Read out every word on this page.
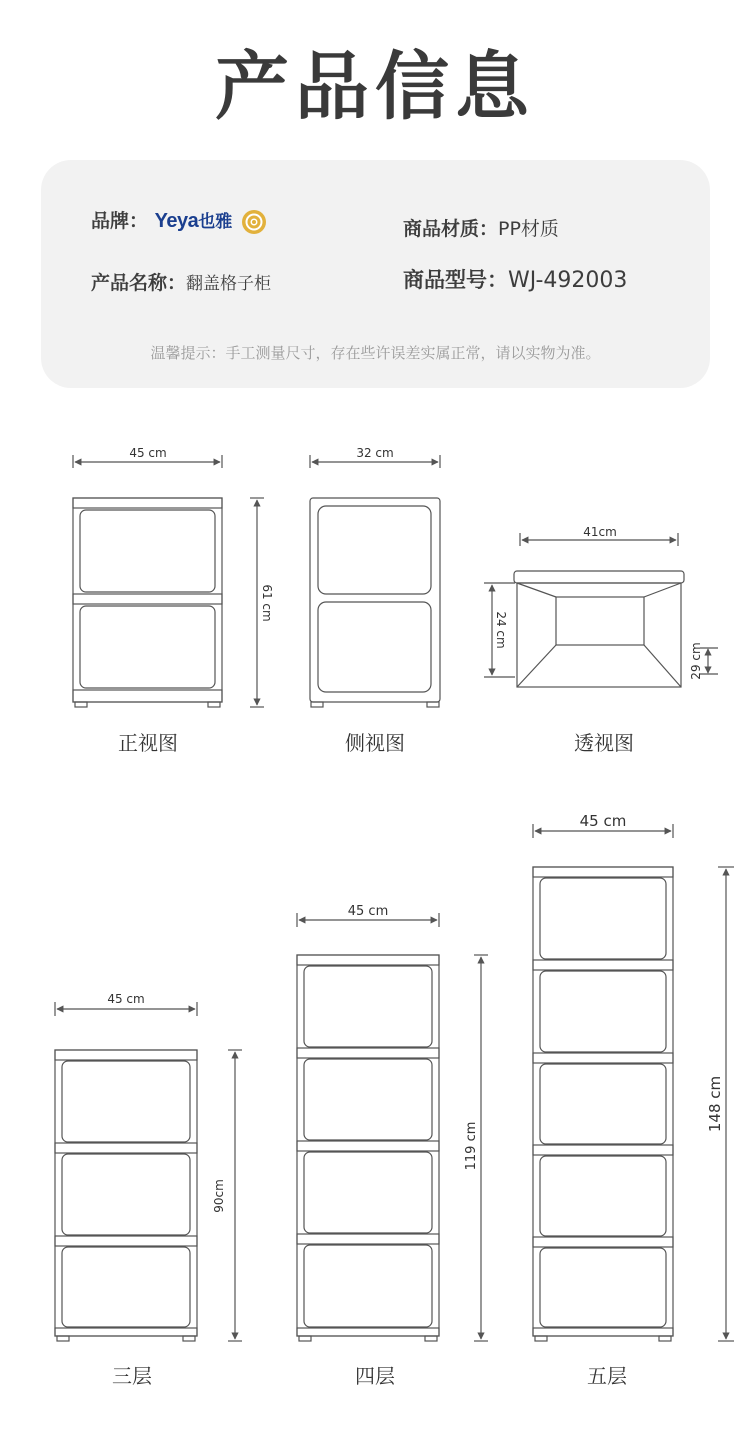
产品信息
品牌： Yeya也雅	商品材质：PP材质
产品名称：翻盖格子柜	商品型号：WJ-492003
温馨提示：手工测量尺寸，存在些许误差实属正常，请以实物为准。
45 cm
61 cm
32 cm
41cm
24 cm
29 cm
45 cm
90cm
45 cm
119 cm
45 cm
148 cm
正视图	侧视图	透视图
三层	四层	五层
